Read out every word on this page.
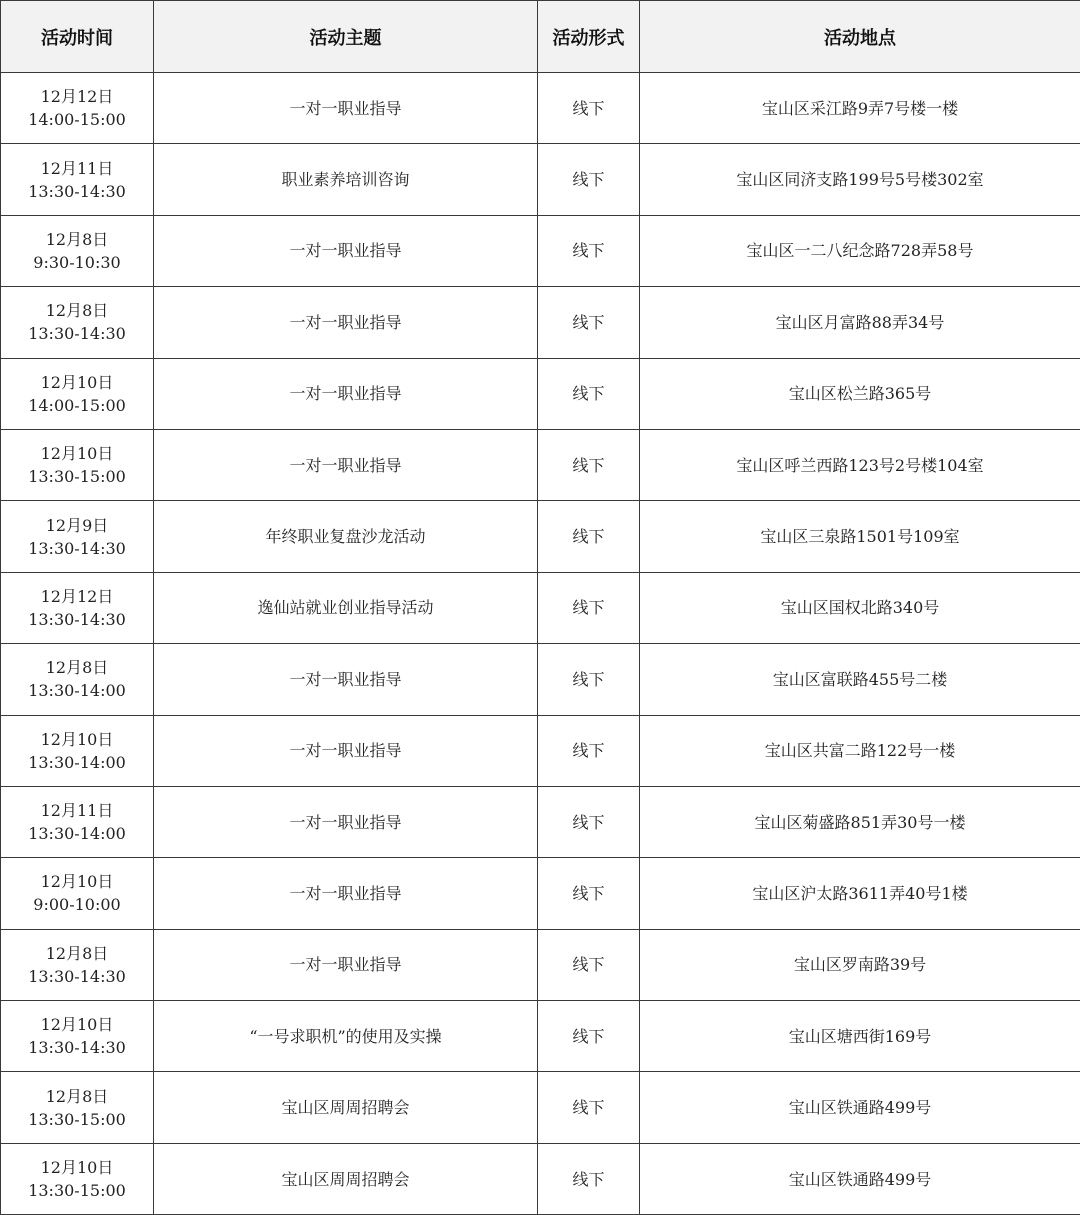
活动时间	活动主题	活动形式	活动地点

12月12日
14:00-15:00	一对一职业指导	线下	宝山区采江路9弄7号楼一楼

12月11日
13:30-14:30	职业素养培训咨询	线下	宝山区同济支路199号5号楼302室

12月8日
9:30-10:30	一对一职业指导	线下	宝山区一二八纪念路728弄58号

12月8日
13:30-14:30	一对一职业指导	线下	宝山区月富路88弄34号

12月10日
14:00-15:00	一对一职业指导	线下	宝山区松兰路365号

12月10日
13:30-15:00	一对一职业指导	线下	宝山区呼兰西路123号2号楼104室

12月9日
13:30-14:30	年终职业复盘沙龙活动	线下	宝山区三泉路1501号109室

12月12日
13:30-14:30	逸仙站就业创业指导活动	线下	宝山区国权北路340号

12月8日
13:30-14:00	一对一职业指导	线下	宝山区富联路455号二楼

12月10日
13:30-14:00	一对一职业指导	线下	宝山区共富二路122号一楼

12月11日
13:30-14:00	一对一职业指导	线下	宝山区菊盛路851弄30号一楼

12月10日
9:00-10:00	一对一职业指导	线下	宝山区沪太路3611弄40号1楼

12月8日
13:30-14:30	一对一职业指导	线下	宝山区罗南路39号

12月10日
13:30-14:30	“一号求职机”的使用及实操	线下	宝山区塘西街169号

12月8日
13:30-15:00	宝山区周周招聘会	线下	宝山区铁通路499号

12月10日
13:30-15:00	宝山区周周招聘会	线下	宝山区铁通路499号
